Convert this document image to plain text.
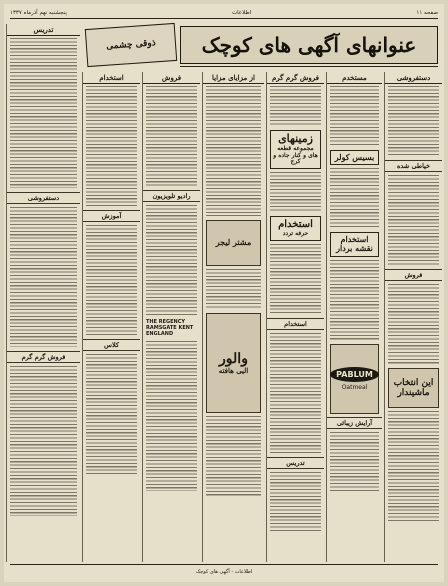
صفحه ۱۱
اطلاعات
پنجشنبه نهم آذرماه ۱۳۳۷
عنوانهای آگهی های کوچک
ذوقی چشمی
دستفروشی
خیاطی شده
فروش
این انتخاب ماشیندار
مستخدم
بسیس کولر
استخدام نقشه بردار
PABLUM
Oatmeal
آرایش زیبائی
فروش گرم گرم
زمینهای
مجموعه قطعه های و کنار جاده و کرج
استخدام
حرفه تردد
استخدام
تدریس
از مزایای مزایا
مشتر لیجر
والور
الیی هافته
فروش
رادیو تلویزیون
THE REGENCY RAMSGATE KENT ENGLAND
استخدام
آموزش
کلاس
تدریس
دستفروشی
فروش گرم گرم
اطلاعات - آگهی های کوچک
